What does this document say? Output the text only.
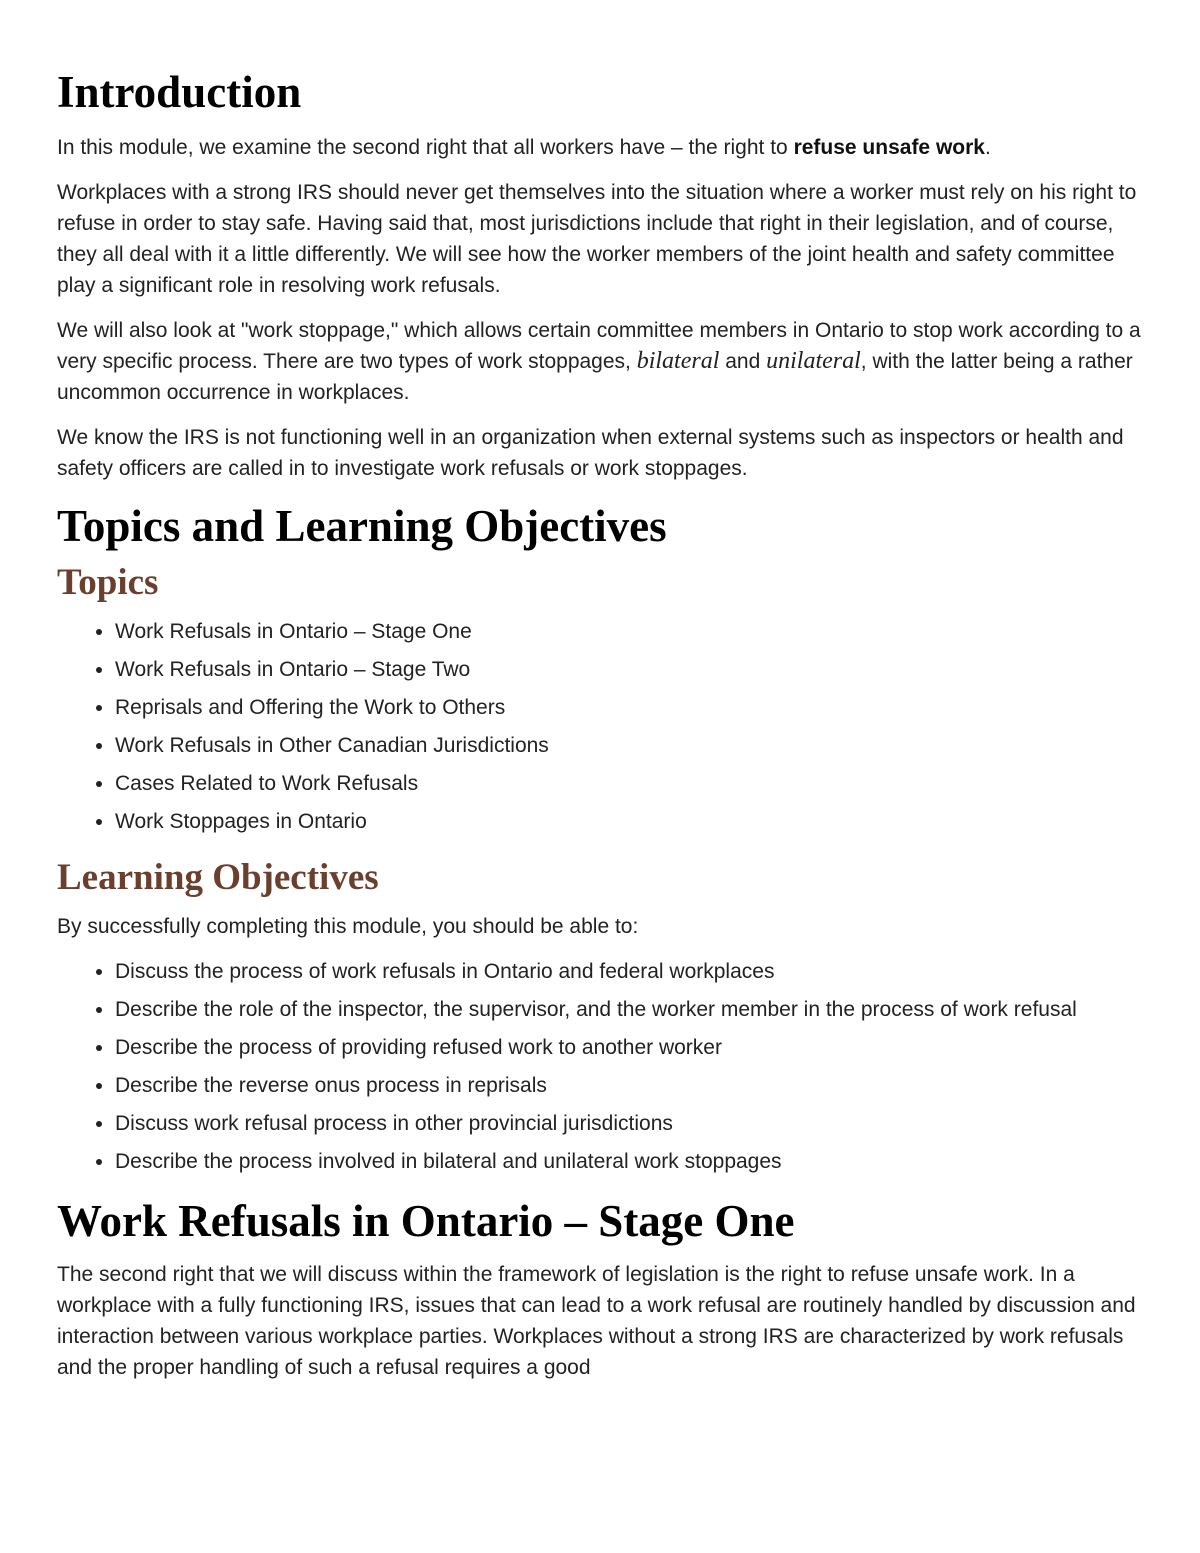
Introduction

In this module, we examine the second right that all workers have – the right to refuse unsafe work.

Workplaces with a strong IRS should never get themselves into the situation where a worker must rely on his right to refuse in order to stay safe. Having said that, most jurisdictions include that right in their legislation, and of course, they all deal with it a little differently. We will see how the worker members of the joint health and safety committee play a significant role in resolving work refusals.

We will also look at "work stoppage," which allows certain committee members in Ontario to stop work according to a very specific process. There are two types of work stoppages, bilateral and unilateral, with the latter being a rather uncommon occurrence in workplaces.

We know the IRS is not functioning well in an organization when external systems such as inspectors or health and safety officers are called in to investigate work refusals or work stoppages.

Topics and Learning Objectives
Topics
• Work Refusals in Ontario – Stage One
• Work Refusals in Ontario – Stage Two
• Reprisals and Offering the Work to Others
• Work Refusals in Other Canadian Jurisdictions
• Cases Related to Work Refusals
• Work Stoppages in Ontario
Learning Objectives

By successfully completing this module, you should be able to:

• Discuss the process of work refusals in Ontario and federal workplaces
• Describe the role of the inspector, the supervisor, and the worker member in the process of work refusal
• Describe the process of providing refused work to another worker
• Describe the reverse onus process in reprisals
• Discuss work refusal process in other provincial jurisdictions
• Describe the process involved in bilateral and unilateral work stoppages
Work Refusals in Ontario – Stage One

The second right that we will discuss within the framework of legislation is the right to refuse unsafe work. In a workplace with a fully functioning IRS, issues that can lead to a work refusal are routinely handled by discussion and interaction between various workplace parties. Workplaces without a strong IRS are characterized by work refusals and the proper handling of such a refusal requires a good
